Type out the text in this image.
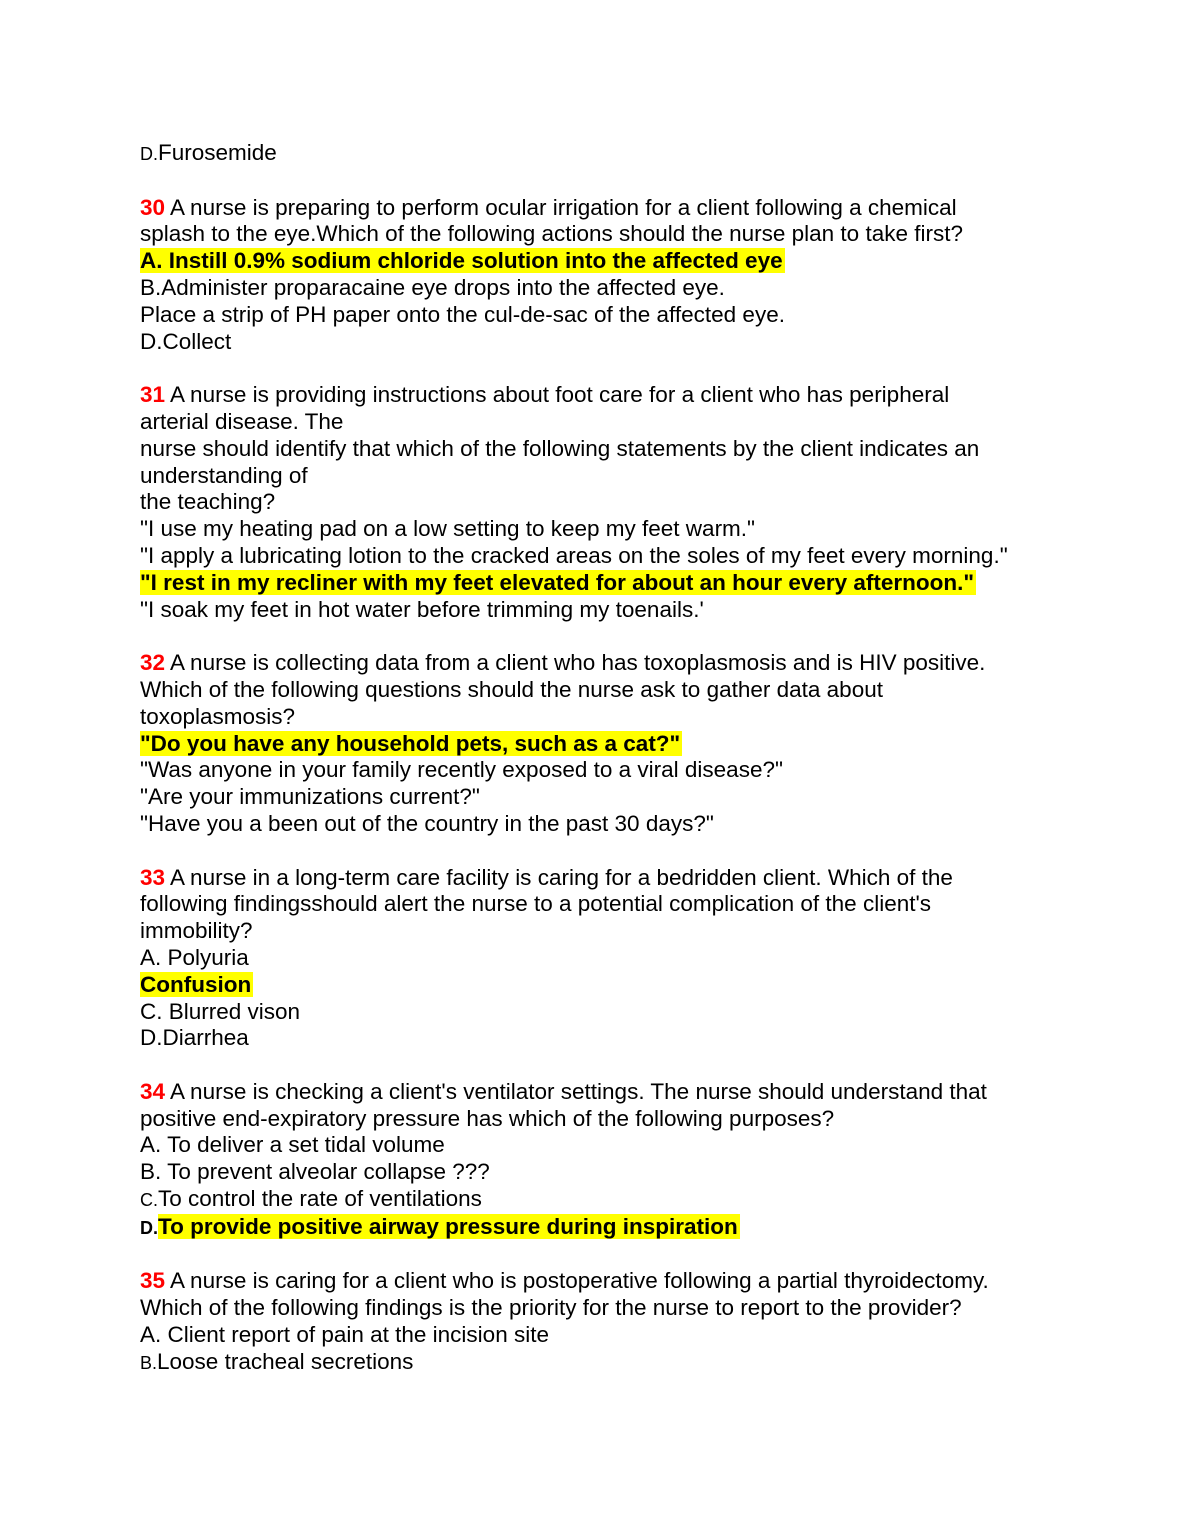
D.Furosemide

30 A nurse is preparing to perform ocular irrigation for a client following a chemical

splash to the eye.Which of the following actions should the nurse plan to take first?

A. Instill 0.9% sodium chloride solution into the affected eye

B.Administer proparacaine eye drops into the affected eye.

Place a strip of PH paper onto the cul-de-sac of the affected eye.

D.Collect

31 A nurse is providing instructions about foot care for a client who has peripheral

arterial disease. The

nurse should identify that which of the following statements by the client indicates an

understanding of

the teaching?

"I use my heating pad on a low setting to keep my feet warm."

"I apply a lubricating lotion to the cracked areas on the soles of my feet every morning."

"I rest in my recliner with my feet elevated for about an hour every afternoon."

"I soak my feet in hot water before trimming my toenails.'

32 A nurse is collecting data from a client who has toxoplasmosis and is HIV positive.

Which of the following questions should the nurse ask to gather data about

toxoplasmosis?

"Do you have any household pets, such as a cat?"

"Was anyone in your family recently exposed to a viral disease?"

"Are your immunizations current?"

"Have you a been out of the country in the past 30 days?"

33 A nurse in a long-term care facility is caring for a bedridden client. Which of the

following findingsshould alert the nurse to a potential complication of the client's

immobility?

A. Polyuria

Confusion

C. Blurred vison

D.Diarrhea

34 A nurse is checking a client's ventilator settings. The nurse should understand that

positive end-expiratory pressure has which of the following purposes?

A. To deliver a set tidal volume

B. To prevent alveolar collapse ???

C.To control the rate of ventilations

D.To provide positive airway pressure during inspiration

35 A nurse is caring for a client who is postoperative following a partial thyroidectomy.

Which of the following findings is the priority for the nurse to report to the provider?

A. Client report of pain at the incision site

B.Loose tracheal secretions
